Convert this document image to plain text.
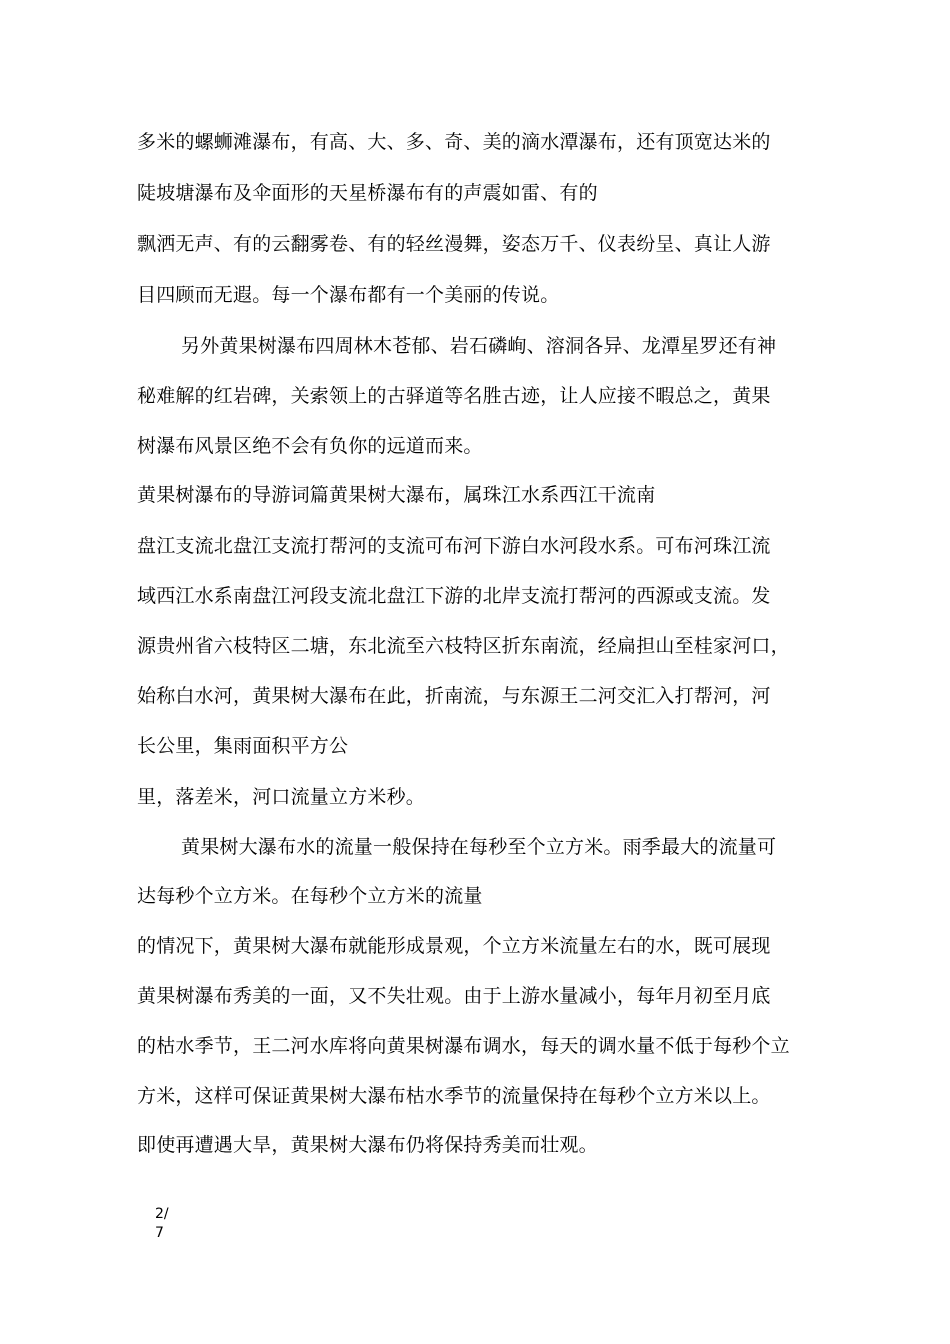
多米的螺蛳滩瀑布，有高、大、多、奇、美的滴水潭瀑布，还有顶宽达米的
陡坡塘瀑布及伞面形的天星桥瀑布有的声震如雷、有的
飘洒无声、有的云翻雾卷、有的轻丝漫舞，姿态万千、仪表纷呈、真让人游
目四顾而无遐。每一个瀑布都有一个美丽的传说。
另外黄果树瀑布四周林木苍郁、岩石磷峋、溶洞各异、龙潭星罗还有神
秘难解的红岩碑，关索领上的古驿道等名胜古迹，让人应接不暇总之，黄果
树瀑布风景区绝不会有负你的远道而来。
黄果树瀑布的导游词篇黄果树大瀑布，属珠江水系西江干流南
盘江支流北盘江支流打帮河的支流可布河下游白水河段水系。可布河珠江流
域西江水系南盘江河段支流北盘江下游的北岸支流打帮河的西源或支流。发
源贵州省六枝特区二塘，东北流至六枝特区折东南流，经扁担山至桂家河口，
始称白水河，黄果树大瀑布在此，折南流，与东源王二河交汇入打帮河，河
长公里，集雨面积平方公
里，落差米，河口流量立方米秒。
黄果树大瀑布水的流量一般保持在每秒至个立方米。雨季最大的流量可
达每秒个立方米。在每秒个立方米的流量
的情况下，黄果树大瀑布就能形成景观，个立方米流量左右的水，既可展现
黄果树瀑布秀美的一面，又不失壮观。由于上游水量减小，每年月初至月底
的枯水季节，王二河水库将向黄果树瀑布调水，每天的调水量不低于每秒个立
方米，这样可保证黄果树大瀑布枯水季节的流量保持在每秒个立方米以上。
即使再遭遇大旱，黄果树大瀑布仍将保持秀美而壮观。
2/7
